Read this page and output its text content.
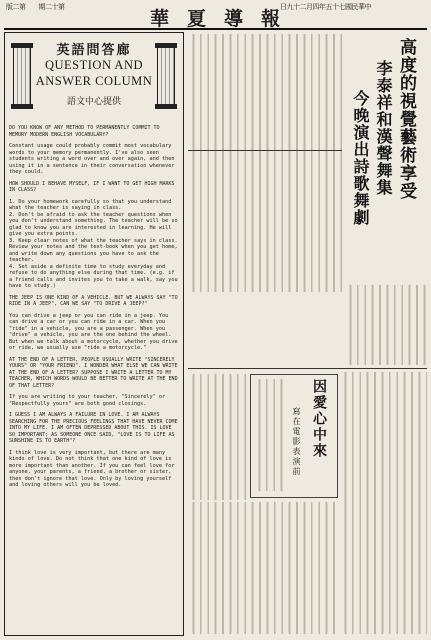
版二第　　期二十第
華夏導報
日九十二月四年五十七國民華中
英語問答廊
QUESTION AND
ANSWER COLUMN
語文中心提供

DO YOU KNOW OF ANY METHOD TO PERMANENTLY COMMIT TO MEMORY MODERN ENGLISH VOCABULARY?

Constant usage could probably commit most vocabulary words to your memory permanently. I've also seen students writing a word over and over again, and then using it in a sentence in their conversation whenever they could.

HOW SHOULD I BEHAVE MYSELF, IF I WANT TO GET HIGH MARKS IN CLASS?

1. Do your homework carefully so that you understand what the teacher is saying in class.
2. Don't be afraid to ask the teacher questions when you don't understand something. The teacher will be so glad to know you are interested in learning. He will give you extra points.
3. Keep clear notes of what the teacher says in class. Review your notes and the text-book when you get home, and write down any questions you have to ask the teacher.
4. Set aside a definite time to study everyday and refuse to do anything else during that time. (e.g. if a friend calls and invites you to take a walk, say you have to study.)

THE JEEP IS ONE KIND OF A VEHICLE. BUT WE ALWAYS SAY "TO RIDE IN A JEEP", CAN WE SAY "TO DRIVE A JEEP?"

You can drive a jeep or you can ride in a jeep. You can drive a car or you can ride in a car. When you "ride" in a vehicle, you are a passenger. When you "drive" a vehicle, you are the one behind the wheel. But when we talk about a motorcycle, whether you drive or ride, we usually use "ride a motorcycle."

AT THE END OF A LETTER, PEOPLE USUALLY WRITE "SINCERELY YOURS" OR "YOUR FRIEND". I WONDER WHAT ELSE WE CAN WRITE AT THE END OF A LETTER? SUPPOSE I WRITE A LETTER TO MY TEACHER, WHICH WORDS WOULD BE BETTER TO WRITE AT THE END OF THAT LETTER?

If you are writing to your teacher, "Sincerely" or "Respectfully yours" are both good closings.

I GUESS I AM ALWAYS A FAILURE IN LOVE. I AM ALWAYS SEARCHING FOR THE PRECIOUS FEELINGS THAT HAVE NEVER COME INTO MY LIFE. I AM OFTEN DEPRESSED ABOUT THIS. IS LOVE SO IMPORTANT; AS SOMEONE ONCE SAID, "LOVE IS TO LIFE AS SUNSHINE IS TO EARTH"?

I think love is very important, but there are many kinds of love. Do not think that one kind of love is more important than another. If you can feel love for anyone, your parents, a friend, a brother or sister, then don't ignore that love. Only by loving yourself and loving others will you be loved.

高度的視覺藝術享受
李泰祥和漢聲舞集
今晚演出詩歌舞劇
因愛心中來
寫在電影表演前
